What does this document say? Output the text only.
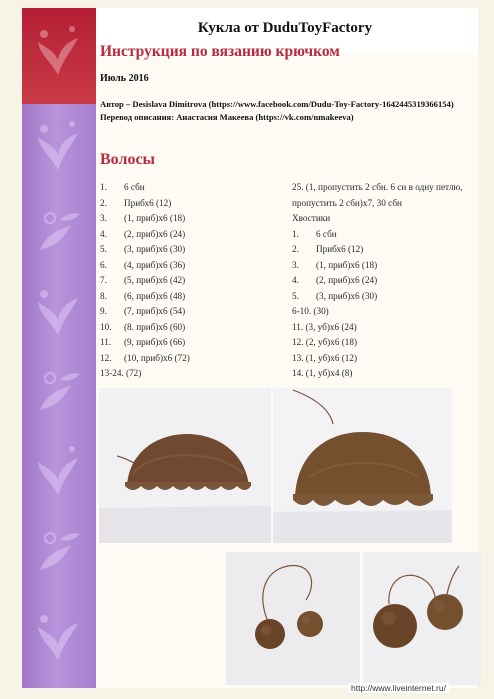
Кукла от DuduToyFactory
Инструкция по вязанию крючком
Июль 2016
Автор – Desislava Dimitrova (https://www.facebook.com/Dudu-Toy-Factory-1642445319366154)
Перевод описания: Анастасия Макеева (https://vk.com/nmakeeva)
Волосы
1.	6 сбн
2.	Прибх6 (12)
3.	(1, приб)х6 (18)
4.	(2, приб)х6 (24)
5.	(3, приб)х6 (30)
6.	(4, приб)х6 (36)
7.	(5, приб)х6 (42)
8.	(6, приб)х6 (48)
9.	(7, приб)х6 (54)
10.	(8. приб)х6 (60)
11.	(9, приб)х6 (66)
12.	(10, приб)х6 (72)
13-24. (72)
25. (1, пропустить 2 сбн. 6 сн в одну петлю, пропустить 2 сбн)х7, 30 сбн
Хвостики
1.	6 сбн
2.	Прибх6 (12)
3.	(1, приб)х6 (18)
4.	(2, приб)х6 (24)
5.	(3, приб)х6 (30)
6-10. (30)
11. (3, уб)х6 (24)
12. (2, уб)х6 (18)
13. (1, уб)х6 (12)
14. (1, уб)х4 (8)
http://www.liveinternet.ru/
